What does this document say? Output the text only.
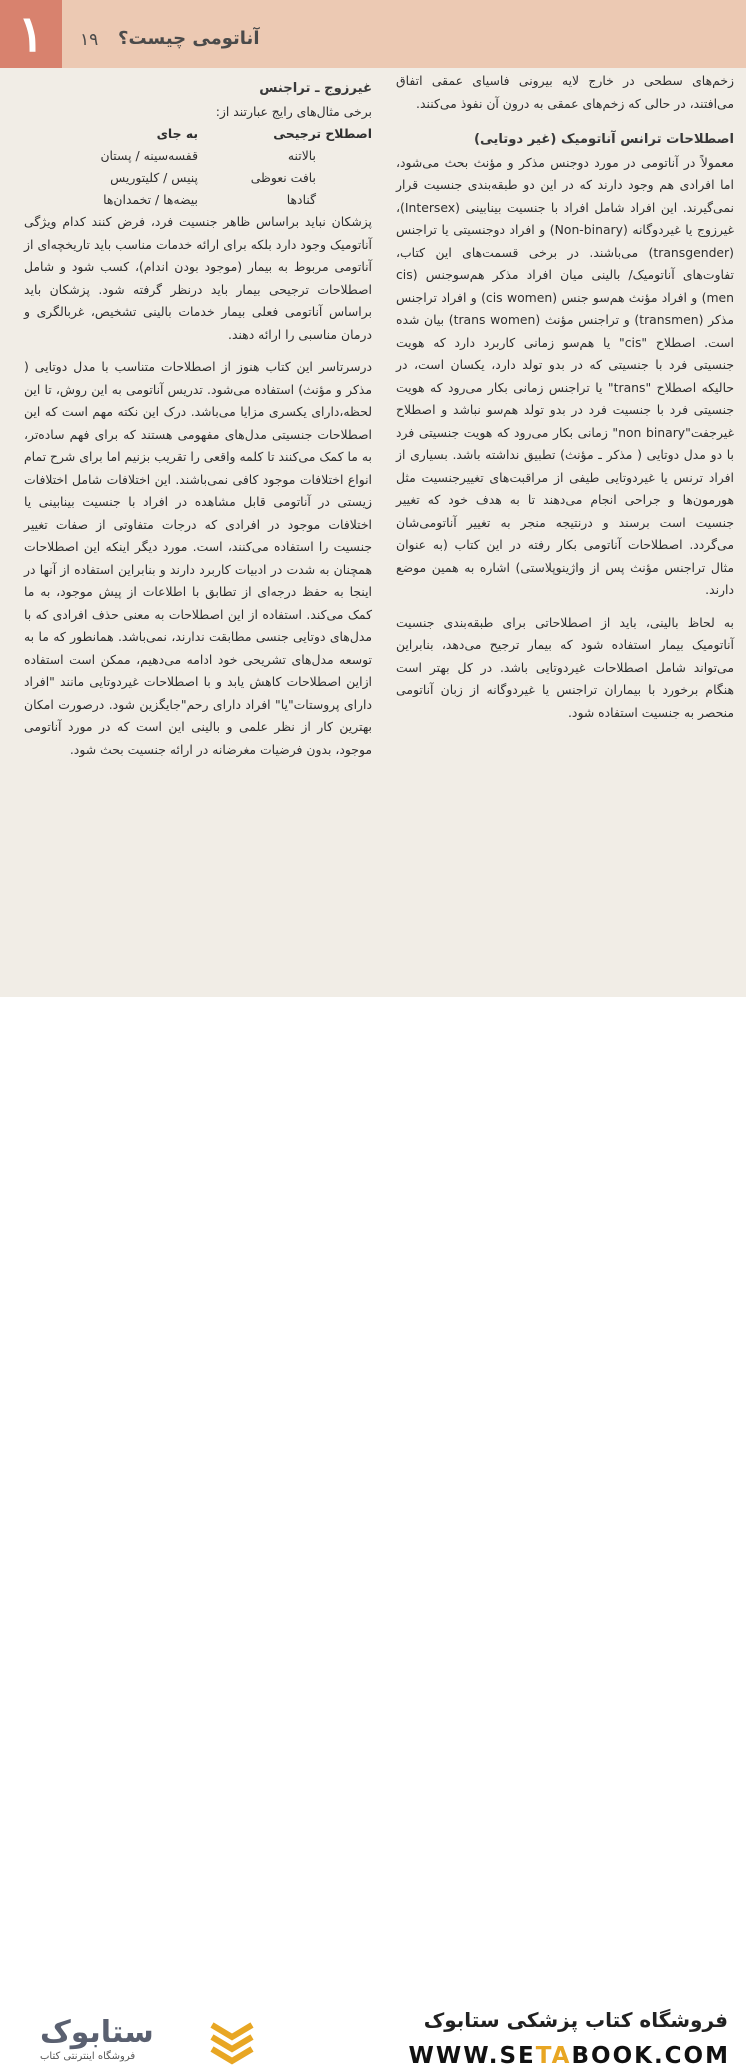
۱	۱۹ آناتومی چیست؟

زخم‌های سطحی در خارج لایه بیرونی فاسیای عمقی اتفاق می‌افتند، در حالی که زخم‌های عمقی به درون آن نفوذ می‌کنند.

اصطلاحات ترانس آناتومیک (غیر دوتایی)

معمولاً در آناتومی در مورد دوجنس مذکر و مؤنث بحث می‌شود، اما افرادی هم وجود دارند که در این دو طبقه‌بندی جنسیت قرار نمی‌گیرند. این افراد شامل افراد با جنسیت بینابینی (Intersex)، غیرزوج یا غیردوگانه (Non-binary) و افراد دوجنسیتی یا تراجنس (transgender) می‌باشند. در برخی قسمت‌های این کتاب، تفاوت‌های آناتومیک/ بالینی میان افراد مذکر هم‌سوجنس (cis men) و افراد مؤنث هم‌سو جنس (cis women) و افراد تراجنس مذکر (transmen) و تراجنس مؤنث (trans women) بیان شده است. اصطلاح "cis" یا هم‌سو زمانی کاربرد دارد که هویت جنسیتی فرد با جنسیتی که در بدو تولد دارد، یکسان است، در حالیکه اصطلاح "trans" یا تراجنس زمانی بکار می‌رود که هویت جنسیتی فرد با جنسیت فرد در بدو تولد هم‌سو نباشد و اصطلاح غیرجفت"non binary" زمانی بکار می‌رود که هویت جنسیتی فرد با دو مدل دوتایی ( مذکر ـ مؤنث) تطبیق نداشته باشد. بسیاری از افراد ترنس یا غیردوتایی طیفی از مراقبت‌های تغییرجنسیت مثل هورمون‌ها و جراحی انجام می‌دهند تا به هدف خود که تغییر جنسیت است برسند و درنتیجه منجر به تغییر آناتومی‌شان می‌گردد. اصطلاحات آناتومی بکار رفته در این کتاب (به عنوان مثال تراجنس مؤنث پس از واژینوپلاستی) اشاره به همین موضع دارند.

به لحاظ بالینی، باید از اصطلاحاتی برای طبقه‌بندی جنسیت آناتومیک بیمار استفاده شود که بیمار ترجیح می‌دهد، بنابراین می‌تواند شامل اصطلاحات غیردوتایی باشد. در کل بهتر است هنگام برخورد با بیماران تراجنس یا غیردوگانه از زبان آناتومی منحصر به جنسیت استفاده شود.

غیرزوج ـ تراجنس

برخی مثال‌های رایج عبارتند از:

اصطلاح ترجیحی	به جای
بالاتنه	قفسه‌سینه / پستان
بافت نعوظی	پنیس / کلیتوریس
گنادها	بیضه‌ها / تخمدان‌ها

پزشکان نباید براساس ظاهر جنسیت فرد، فرض کنند کدام ویژگی آناتومیک وجود دارد بلکه برای ارائه خدمات مناسب باید تاریخچه‌ای از آناتومی مربوط به بیمار (موجود بودن اندام)، کسب شود و شامل اصطلاحات ترجیحی بیمار باید درنظر گرفته شود. پزشکان باید براساس آناتومی فعلی بیمار خدمات بالینی تشخیص، غربالگری و درمان مناسبی را ارائه دهند.

درسرتاسر این کتاب هنوز از اصطلاحات متناسب با مدل دوتایی ( مذکر و مؤنث) استفاده می‌شود. تدریس آناتومی به این روش، تا این لحظه،دارای یکسری مزایا می‌باشد. درک این نکته مهم است که این اصطلاحات جنسیتی مدل‌های مفهومی هستند که برای فهم ساده‌تر، به ما کمک می‌کنند تا کلمه واقعی را تقریب بزنیم اما برای شرح تمام انواع اختلافات موجود کافی نمی‌باشند. این اختلافات شامل اختلافات زیستی در آناتومی قابل مشاهده در افراد با جنسیت بینابینی یا اختلافات موجود در افرادی که درجات متفاوتی از صفات تغییر جنسیت را استفاده می‌کنند، است. مورد دیگر اینکه این اصطلاحات همچنان به شدت در ادبیات کاربرد دارند و بنابراین استفاده از آنها در اینجا به حفظ درجه‌ای از تطابق با اطلاعات از پیش موجود، به ما کمک می‌کند. استفاده از این اصطلاحات به معنی حذف افرادی که با مدل‌های دوتایی جنسی مطابقت ندارند، نمی‌باشد. همانطور که ما به توسعه مدل‌های تشریحی خود ادامه می‌دهیم، ممکن است استفاده ازاین اصطلاحات کاهش یابد و با اصطلاحات غیردوتایی مانند "افراد دارای پروستات"یا" افراد دارای رحم"جایگزین شود. درصورت امکان بهترین کار از نظر علمی و بالینی این است که در مورد آناتومی موجود، بدون فرضیات مغرضانه در ارائه جنسیت بحث شود.

ستابوک
فروشگاه اینترنتی کتاب
فروشگاه کتاب پزشکی ستابوک
WWW.SETABOOK.COM
